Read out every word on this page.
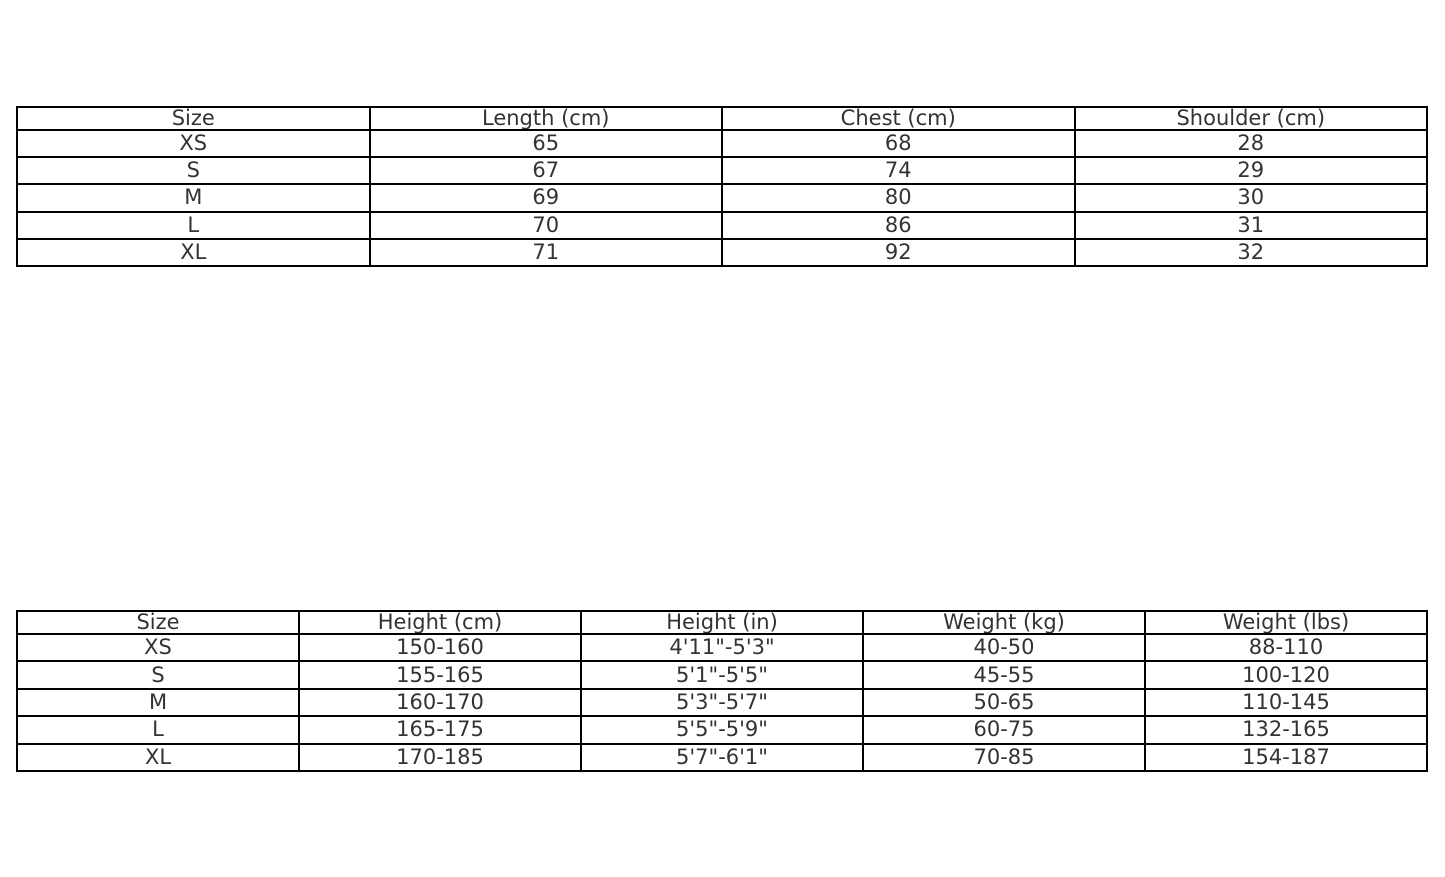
Size	Length (cm)	Chest (cm)	Shoulder (cm)
XS	65	68	28
S	67	74	29
M	69	80	30
L	70	86	31
XL	71	92	32
Size	Height (cm)	Height (in)	Weight (kg)	Weight (lbs)
XS	150-160	4'11"-5'3"	40-50	88-110
S	155-165	5'1"-5'5"	45-55	100-120
M	160-170	5'3"-5'7"	50-65	110-145
L	165-175	5'5"-5'9"	60-75	132-165
XL	170-185	5'7"-6'1"	70-85	154-187
